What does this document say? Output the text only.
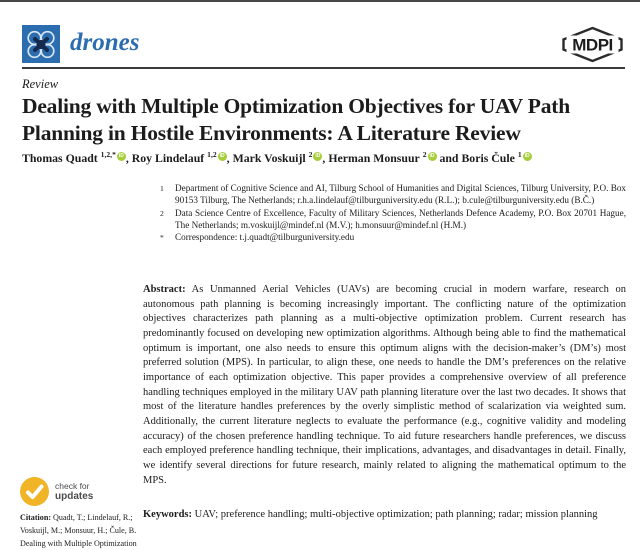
drones	MDPI
Review
Dealing with Multiple Optimization Objectives for UAV Path Planning in Hostile Environments: A Literature Review
Thomas Quadt $^{1,2,*}$ iD , Roy Lindelauf $^{1,2}$ iD , Mark Voskuijl $^2$ iD , Herman Monsuur $^2$ iD and Boris Čule $^1$ iD
1	Department of Cognitive Science and AI, Tilburg School of Humanities and Digital Sciences, Tilburg University, P.O. Box 90153 Tilburg, The Netherlands; r.h.a.lindelauf@tilburguniversity.edu (R.L.); b.cule@tilburguniversity.edu (B.Č.)
2	Data Science Centre of Excellence, Faculty of Military Sciences, Netherlands Defence Academy, P.O. Box 20701 Hague, The Netherlands; m.voskuijl@mindef.nl (M.V.); h.monsuur@mindef.nl (H.M.)
*	Correspondence: t.j.quadt@tilburguniversity.edu
Abstract: As Unmanned Aerial Vehicles (UAVs) are becoming crucial in modern warfare, research on autonomous path planning is becoming increasingly important. The conflicting nature of the optimization objectives characterizes path planning as a multi-objective optimization problem. Current research has predominantly focused on developing new optimization algorithms. Although being able to find the mathematical optimum is important, one also needs to ensure this optimum aligns with the decision-maker’s (DM’s) most preferred solution (MPS). In particular, to align these, one needs to handle the DM’s preferences on the relative importance of each optimization objective. This paper provides a comprehensive overview of all preference handling techniques employed in the military UAV path planning literature over the last two decades. It shows that most of the literature handles preferences by the overly simplistic method of scalarization via weighted sum. Additionally, the current literature neglects to evaluate the performance (e.g., cognitive validity and modeling accuracy) of the chosen preference handling technique. To aid future researchers handle preferences, we discuss each employed preference handling technique, their implications, advantages, and disadvantages in detail. Finally, we identify several directions for future research, mainly related to aligning the mathematical optimum to the MPS.
Keywords: UAV; preference handling; multi-objective optimization; path planning; radar; mission planning
check for
updates
Citation: Quadt, T.; Lindelauf, R.;
Voskuijl, M.; Monsuur, H.; Čule, B.
Dealing with Multiple Optimization
